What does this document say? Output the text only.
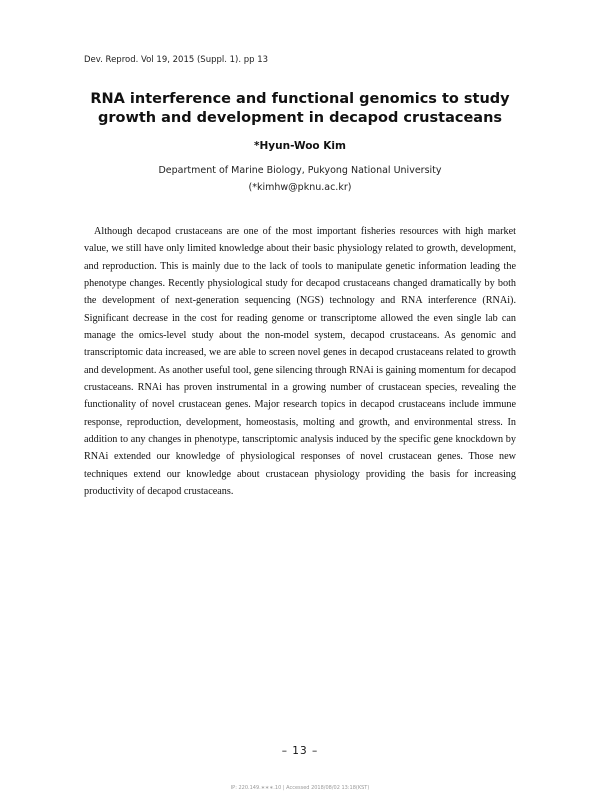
Dev. Reprod. Vol 19, 2015 (Suppl. 1). pp 13
RNA interference and functional genomics to study growth and development in decapod crustaceans
*Hyun-Woo Kim
Department of Marine Biology, Pukyong National University
(*kimhw@pknu.ac.kr)
Although decapod crustaceans are one of the most important fisheries resources with high market value, we still have only limited knowledge about their basic physiology related to growth, development, and reproduction. This is mainly due to the lack of tools to manipulate genetic information leading the phenotype changes. Recently physiological study for decapod crustaceans changed dramatically by both the development of next-generation sequencing (NGS) technology and RNA interference (RNAi). Significant decrease in the cost for reading genome or transcriptome allowed the even single lab can manage the omics-level study about the non-model system, decapod crustaceans. As genomic and transcriptomic data increased, we are able to screen novel genes in decapod crustaceans related to growth and development. As another useful tool, gene silencing through RNAi is gaining momentum for decapod crustaceans. RNAi has proven instrumental in a growing number of crustacean species, revealing the functionality of novel crustacean genes. Major research topics in decapod crustaceans include immune response, reproduction, development, homeostasis, molting and growth, and environmental stress. In addition to any changes in phenotype, tanscriptomic analysis induced by the specific gene knockdown by RNAi extended our knowledge of physiological responses of novel crustacean genes. Those new techniques extend our knowledge about crustacean physiology providing the basis for increasing productivity of decapod crustaceans.
– 13 –
IP: 220.149.∗∗∗.10 | Accessed 2018/08/02 13:18(KST)
